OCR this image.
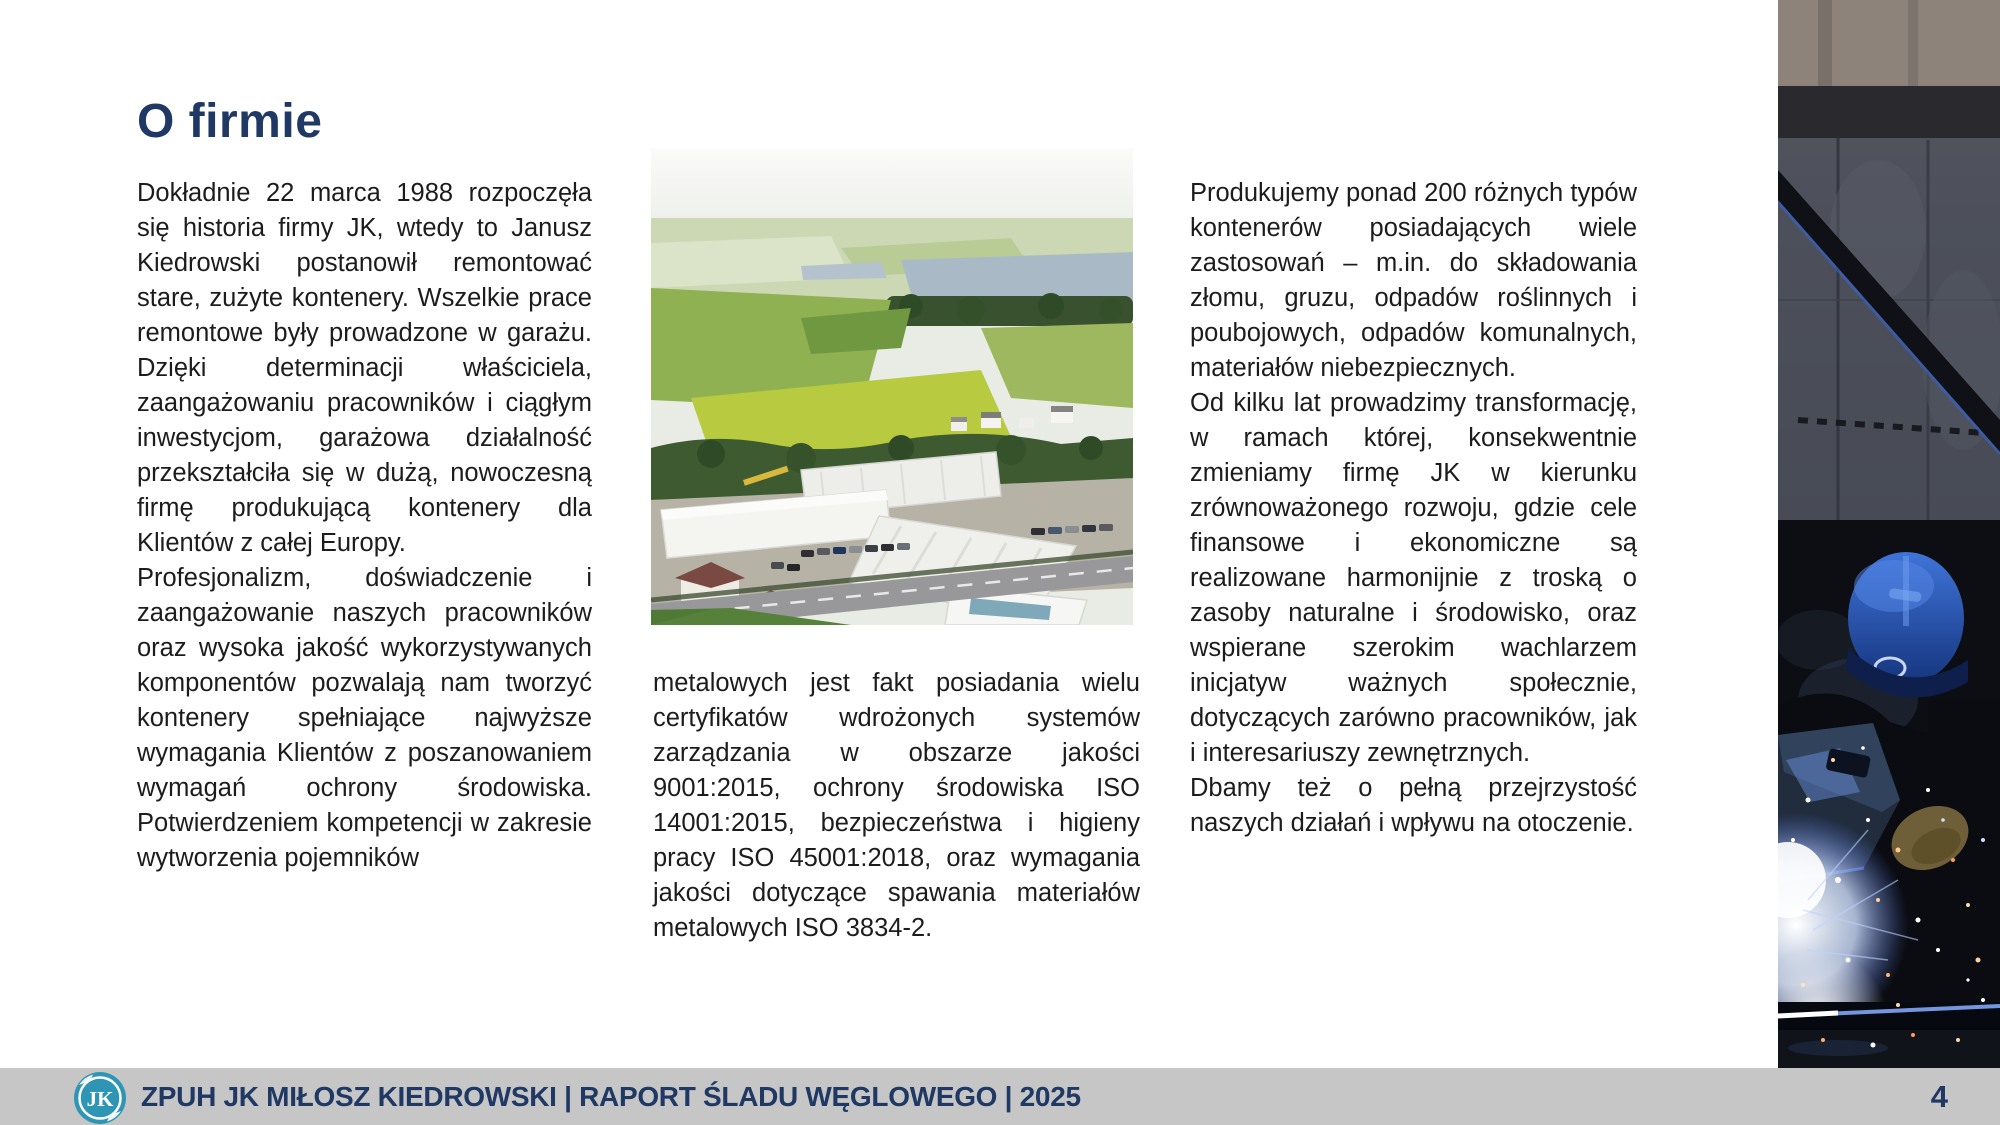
O firmie

Dokładnie 22 marca 1988 rozpoczęła się historia firmy JK, wtedy to Janusz Kiedrowski postanowił remontować stare, zużyte kontenery. Wszelkie prace remontowe były prowadzone w garażu. Dzięki determinacji właściciela, zaangażowaniu pracowników i ciągłym inwestycjom, garażowa działalność przekształciła się w dużą, nowoczesną firmę produkującą kontenery dla Klientów z całej Europy.

Profesjonalizm, doświadczenie i zaangażowanie naszych pracowników oraz wysoka jakość wykorzystywanych komponentów pozwalają nam tworzyć kontenery spełniające najwyższe wymagania Klientów z poszanowaniem wymagań ochrony środowiska. Potwierdzeniem kompetencji w zakresie wytworzenia pojemników

metalowych jest fakt posiadania wielu certyfikatów wdrożonych systemów zarządzania w obszarze jakości 9001:2015, ochrony środowiska ISO 14001:2015, bezpieczeństwa i higieny pracy ISO 45001:2018, oraz wymagania jakości dotyczące spawania materiałów metalowych ISO 3834-2.

Produkujemy ponad 200 różnych typów kontenerów posiadających wiele zastosowań – m.in. do składowania złomu, gruzu, odpadów roślinnych i poubojowych, odpadów komunalnych, materiałów niebezpiecznych.

Od kilku lat prowadzimy transformację, w ramach której, konsekwentnie zmieniamy firmę JK w kierunku zrównoważonego rozwoju, gdzie cele finansowe i ekonomiczne są realizowane harmonijnie z troską o zasoby naturalne i środowisko, oraz wspierane szerokim wachlarzem inicjatyw ważnych społecznie, dotyczących zarówno pracowników, jak i interesariuszy zewnętrznych.

Dbamy też o pełną przejrzystość naszych działań i wpływu na otoczenie.

JK ZPUH JK MIŁOSZ KIEDROWSKI | RAPORT ŚLADU WĘGLOWEGO | 2025	4
